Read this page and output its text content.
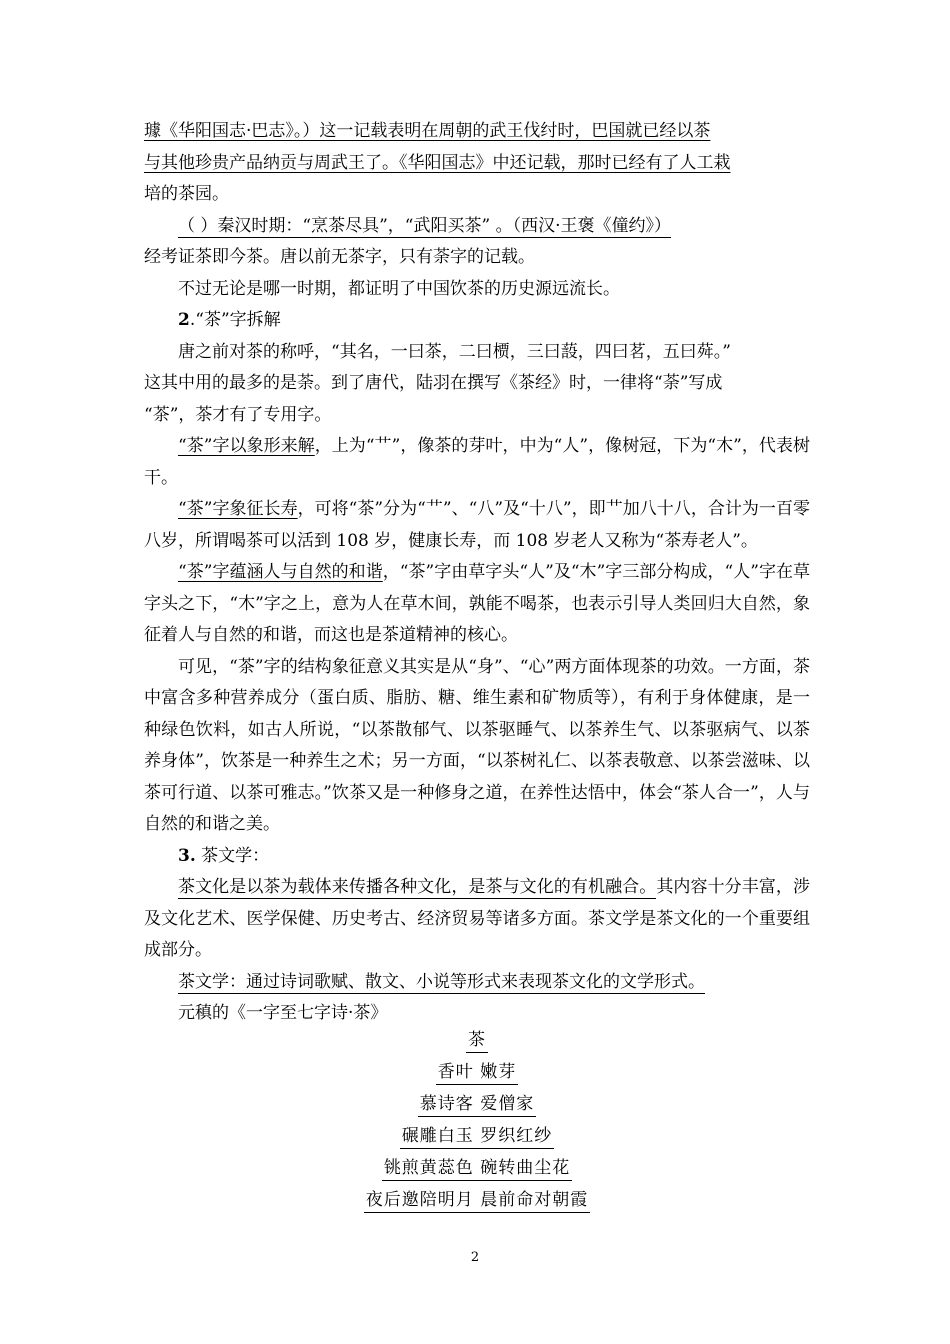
璩《华阳国志·巴志》。）这一记载表明在周朝的武王伐纣时，巴国就已经以茶
与其他珍贵产品纳贡与周武王了。《华阳国志》中还记载，那时已经有了人工栽
培的茶园。

（ ）秦汉时期：“烹茶尽具”，“武阳买茶” 。（西汉·王褒《僮约》）
经考证茶即今茶。唐以前无茶字，只有荼字的记载。

不过无论是哪一时期，都证明了中国饮茶的历史源远流长。

2.“茶”字拆解

唐之前对茶的称呼，“其名，一曰茶，二曰槚，三曰蔎，四曰茗，五曰荈。”
这其中用的最多的是荼。到了唐代，陆羽在撰写《茶经》时，一律将“荼”写成
“茶”，茶才有了专用字。

“茶”字以象形来解，上为“艹”，像茶的芽叶，中为“人”，像树冠，下为“木”，代表树干。

“茶”字象征长寿，可将“茶”分为“艹”、“八”及“十八”，即艹加八十八，合计为一百零八岁，所谓喝茶可以活到 108 岁，健康长寿，而 108 岁老人又称为“茶寿老人”。

“茶”字蕴涵人与自然的和谐，“茶”字由草字头“人”及“木”字三部分构成，“人”字在草字头之下，“木”字之上，意为人在草木间，孰能不喝茶，也表示引导人类回归大自然，象征着人与自然的和谐，而这也是茶道精神的核心。

可见，“茶”字的结构象征意义其实是从“身”、“心”两方面体现茶的功效。一方面，茶中富含多种营养成分（蛋白质、脂肪、糖、维生素和矿物质等），有利于身体健康，是一种绿色饮料，如古人所说，“以茶散郁气、以茶驱睡气、以茶养生气、以茶驱病气、以茶养身体”，饮茶是一种养生之术；另一方面，“以茶树礼仁、以茶表敬意、以茶尝滋味、以茶可行道、以茶可雅志。”饮茶又是一种修身之道，在养性达悟中，体会“茶人合一”，人与自然的和谐之美。

3. 茶文学：

茶文化是以茶为载体来传播各种文化，是茶与文化的有机融合。其内容十分丰富，涉及文化艺术、医学保健、历史考古、经济贸易等诸多方面。茶文学是茶文化的一个重要组成部分。

茶文学：通过诗词歌赋、散文、小说等形式来表现茶文化的文学形式。

元稹的《一字至七字诗·茶》

茶

香叶 嫩芽

慕诗客 爱僧家

碾雕白玉 罗织红纱

铫煎黄蕊色 碗转曲尘花

夜后邀陪明月 晨前命对朝霞

2
